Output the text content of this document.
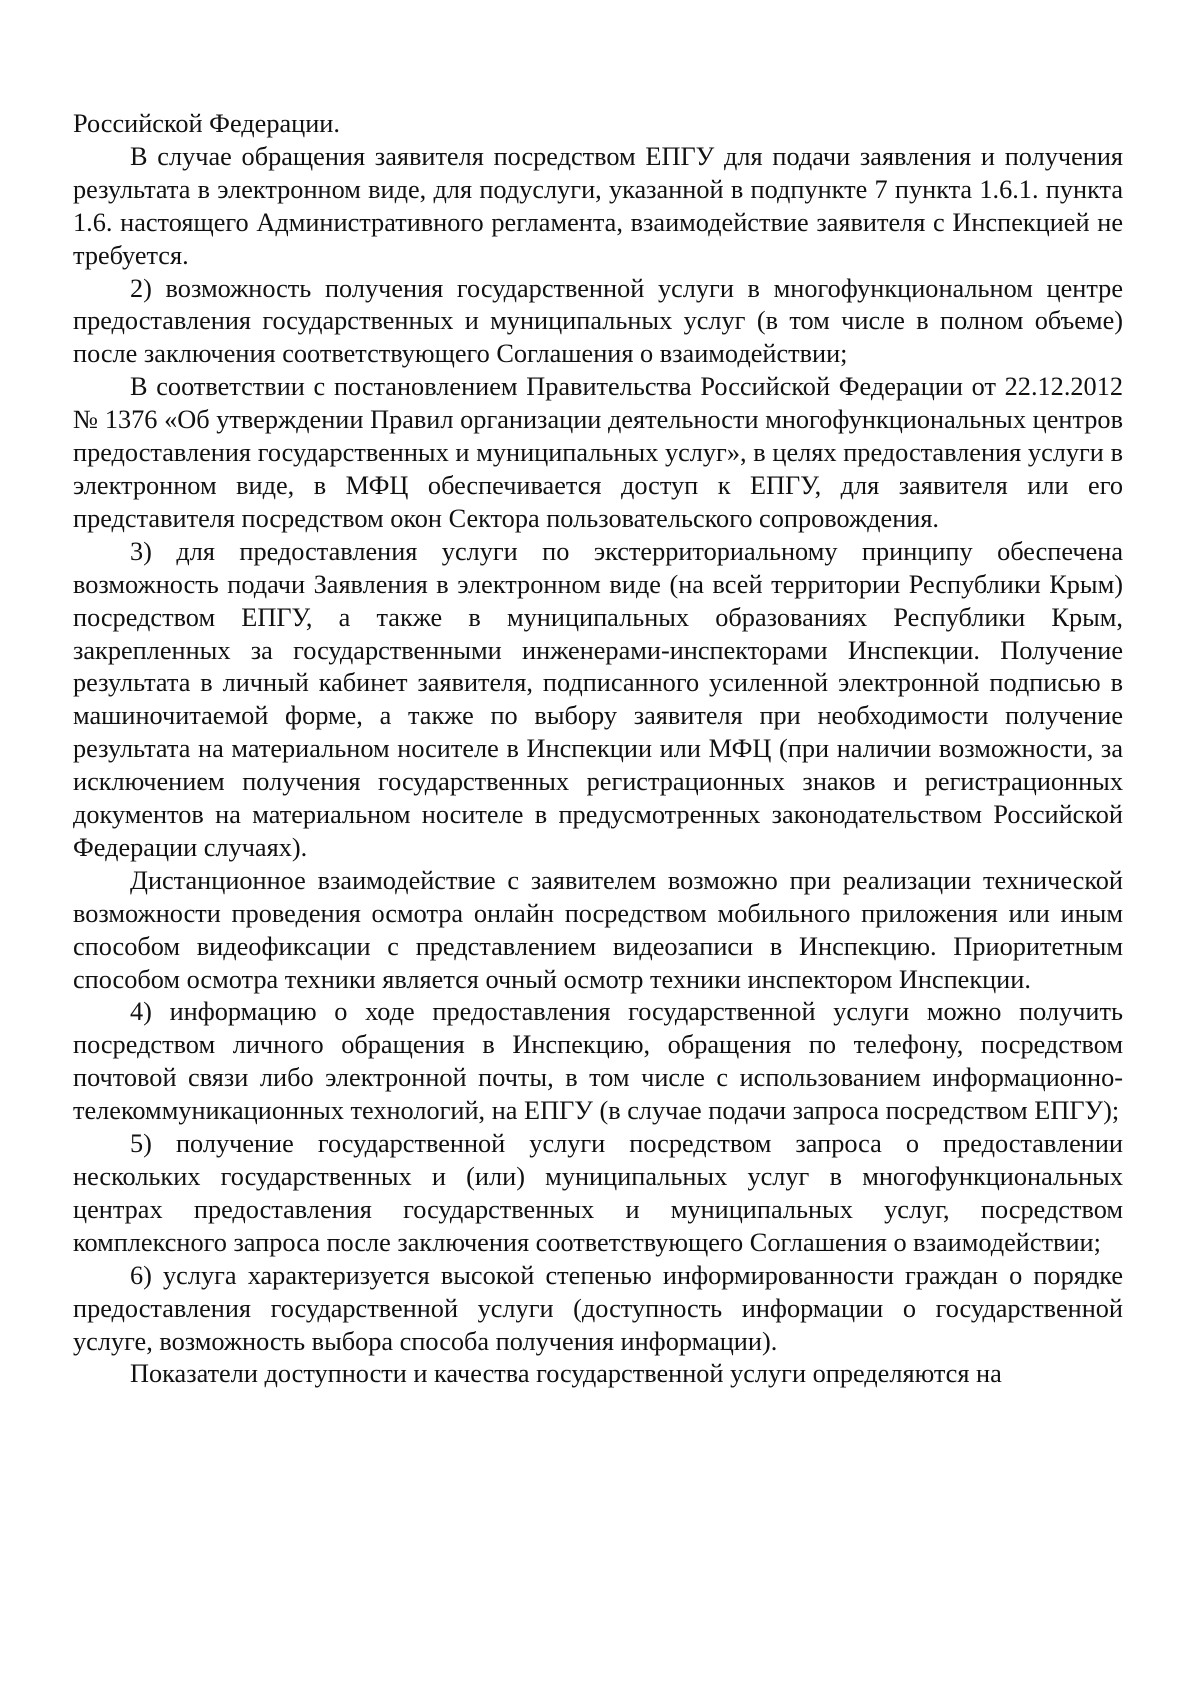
Российской Федерации.

В случае обращения заявителя посредством ЕПГУ для подачи заявления и получения результата в электронном виде, для подуслуги, указанной в подпункте 7 пункта 1.6.1. пункта 1.6. настоящего Административного регламента, взаимодействие заявителя с Инспекцией не требуется.

2) возможность получения государственной услуги в многофункциональном центре предоставления государственных и муниципальных услуг (в том числе в полном объеме) после заключения соответствующего Соглашения о взаимодействии;

В соответствии с постановлением Правительства Российской Федерации от 22.12.2012 № 1376 «Об утверждении Правил организации деятельности многофункциональных центров предоставления государственных и муниципальных услуг», в целях предоставления услуги в электронном виде, в МФЦ обеспечивается доступ к ЕПГУ, для заявителя или его представителя посредством окон Сектора пользовательского сопровождения.

3) для предоставления услуги по экстерриториальному принципу обеспечена возможность подачи Заявления в электронном виде (на всей территории Республики Крым) посредством ЕПГУ, а также в муниципальных образованиях Республики Крым, закрепленных за государственными инженерами-инспекторами Инспекции. Получение результата в личный кабинет заявителя, подписанного усиленной электронной подписью в машиночитаемой форме, а также по выбору заявителя при необходимости получение результата на материальном носителе в Инспекции или МФЦ (при наличии возможности, за исключением получения государственных регистрационных знаков и регистрационных документов на материальном носителе в предусмотренных законодательством Российской Федерации случаях).

Дистанционное взаимодействие с заявителем возможно при реализации технической возможности проведения осмотра онлайн посредством мобильного приложения или иным способом видеофиксации с представлением видеозаписи в Инспекцию. Приоритетным способом осмотра техники является очный осмотр техники инспектором Инспекции.

4) информацию о ходе предоставления государственной услуги можно получить посредством личного обращения в Инспекцию, обращения по телефону, посредством почтовой связи либо электронной почты, в том числе с использованием информационно-телекоммуникационных технологий, на ЕПГУ (в случае подачи запроса посредством ЕПГУ);

5) получение государственной услуги посредством запроса о предоставлении нескольких государственных и (или) муниципальных услуг в многофункциональных центрах предоставления государственных и муниципальных услуг, посредством комплексного запроса после заключения соответствующего Соглашения о взаимодействии;

6) услуга характеризуется высокой степенью информированности граждан о порядке предоставления государственной услуги (доступность информации о государственной услуге, возможность выбора способа получения информации).

Показатели доступности и качества государственной услуги определяются на
